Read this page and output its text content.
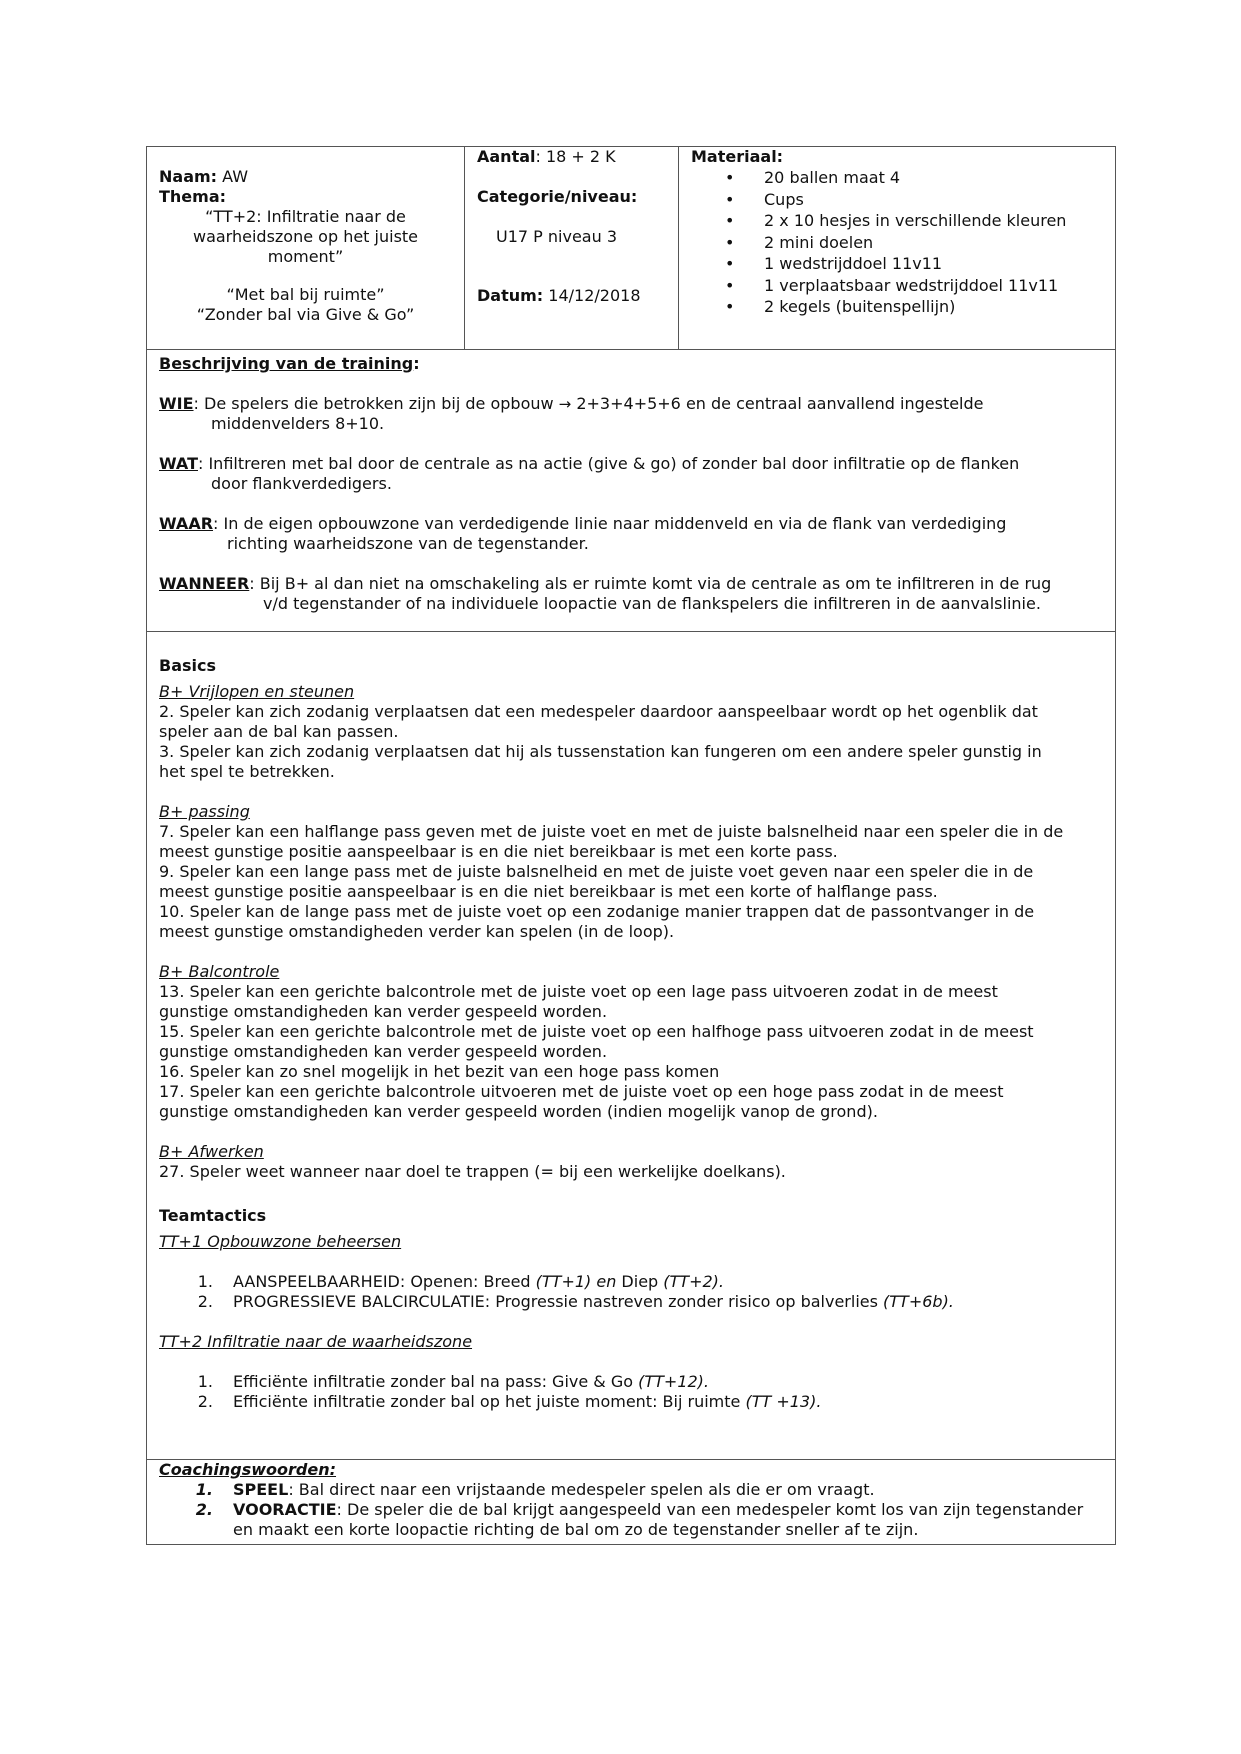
Naam: AW
Thema:
“TT+2: Infiltratie naar de
waarheidszone op het juiste
moment”
“Met bal bij ruimte”
“Zonder bal via Give & Go”
Aantal: 18 + 2 K
Categorie/niveau:
U17 P niveau 3
Datum: 14/12/2018
Materiaal:
• 20 ballen maat 4
• Cups
• 2 x 10 hesjes in verschillende kleuren
• 2 mini doelen
• 1 wedstrijddoel 11v11
• 1 verplaatsbaar wedstrijddoel 11v11
• 2 kegels (buitenspellijn)
Beschrijving van de training:
WIE: De spelers die betrokken zijn bij de opbouw → 2+3+4+5+6 en de centraal aanvallend ingestelde
middenvelders 8+10.
WAT: Infiltreren met bal door de centrale as na actie (give & go) of zonder bal door infiltratie op de flanken
door flankverdedigers.
WAAR: In de eigen opbouwzone van verdedigende linie naar middenveld en via de flank van verdediging
richting waarheidszone van de tegenstander.
WANNEER: Bij B+ al dan niet na omschakeling als er ruimte komt via de centrale as om te infiltreren in de rug
v/d tegenstander of na individuele loopactie van de flankspelers die infiltreren in de aanvalslinie.
Basics
B+ Vrijlopen en steunen
2. Speler kan zich zodanig verplaatsen dat een medespeler daardoor aanspeelbaar wordt op het ogenblik dat
speler aan de bal kan passen.
3. Speler kan zich zodanig verplaatsen dat hij als tussenstation kan fungeren om een andere speler gunstig in
het spel te betrekken.
B+ passing
7. Speler kan een halflange pass geven met de juiste voet en met de juiste balsnelheid naar een speler die in de
meest gunstige positie aanspeelbaar is en die niet bereikbaar is met een korte pass.
9. Speler kan een lange pass met de juiste balsnelheid en met de juiste voet geven naar een speler die in de
meest gunstige positie aanspeelbaar is en die niet bereikbaar is met een korte of halflange pass.
10. Speler kan de lange pass met de juiste voet op een zodanige manier trappen dat de passontvanger in de
meest gunstige omstandigheden verder kan spelen (in de loop).
B+ Balcontrole
13. Speler kan een gerichte balcontrole met de juiste voet op een lage pass uitvoeren zodat in de meest
gunstige omstandigheden kan verder gespeeld worden.
15. Speler kan een gerichte balcontrole met de juiste voet op een halfhoge pass uitvoeren zodat in de meest
gunstige omstandigheden kan verder gespeeld worden.
16. Speler kan zo snel mogelijk in het bezit van een hoge pass komen
17. Speler kan een gerichte balcontrole uitvoeren met de juiste voet op een hoge pass zodat in de meest
gunstige omstandigheden kan verder gespeeld worden (indien mogelijk vanop de grond).
B+ Afwerken
27. Speler weet wanneer naar doel te trappen (= bij een werkelijke doelkans).
Teamtactics
TT+1 Opbouwzone beheersen
1.	AANSPEELBAARHEID: Openen: Breed (TT+1) en Diep (TT+2).
2.	PROGRESSIEVE BALCIRCULATIE: Progressie nastreven zonder risico op balverlies (TT+6b).
TT+2 Infiltratie naar de waarheidszone
1.	Efficiënte infiltratie zonder bal na pass: Give & Go (TT+12).
2.	Efficiënte infiltratie zonder bal op het juiste moment: Bij ruimte (TT +13).
Coachingswoorden:
1.	SPEEL: Bal direct naar een vrijstaande medespeler spelen als die er om vraagt.
2.	VOORACTIE: De speler die de bal krijgt aangespeeld van een medespeler komt los van zijn tegenstander
en maakt een korte loopactie richting de bal om zo de tegenstander sneller af te zijn.
